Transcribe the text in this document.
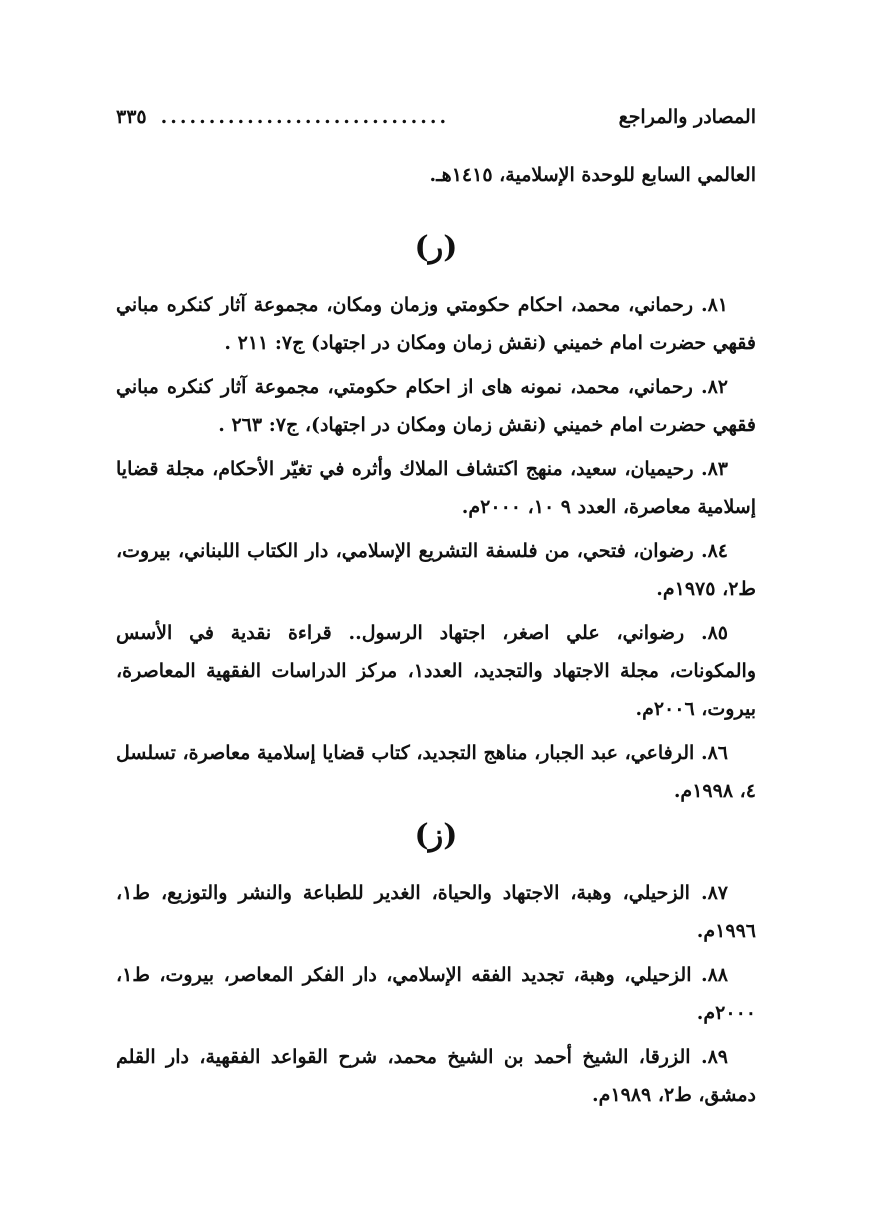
المصادر والمراجع
..............................
٣٣٥
العالمي السابع للوحدة الإسلامية، ١٤١٥هـ.
(ر)
٨١. رحماني، محمد، احكام حكومتي وزمان ومكان، مجموعة آثار كنكره مباني فقهي حضرت امام خميني (نقش زمان ومكان در اجتهاد) ج٧: ٢١١ .
٨٢. رحماني، محمد، نمونه هاى از احكام حكومتي، مجموعة آثار كنكره مباني فقهي حضرت امام خميني (نقش زمان ومكان در اجتهاد)، ج٧: ٢٦٣ .
٨٣. رحيميان، سعيد، منهج اكتشاف الملاك وأثره في تغيّر الأحكام، مجلة قضايا إسلامية معاصرة، العدد ٩ ١٠، ٢٠٠٠م.
٨٤. رضوان، فتحي، من فلسفة التشريع الإسلامي، دار الكتاب اللبناني، بيروت، ط٢، ١٩٧٥م.
٨٥. رضواني، علي اصغر، اجتهاد الرسول.. قراءة نقدية في الأسس والمكونات، مجلة الاجتهاد والتجديد، العدد١، مركز الدراسات الفقهية المعاصرة، بيروت، ٢٠٠٦م.
٨٦. الرفاعي، عبد الجبار، مناهج التجديد، كتاب قضايا إسلامية معاصرة، تسلسل ٤، ١٩٩٨م.
(ز)
٨٧. الزحيلي، وهبة، الاجتهاد والحياة، الغدير للطباعة والنشر والتوزيع، ط١، ١٩٩٦م.
٨٨. الزحيلي، وهبة، تجديد الفقه الإسلامي، دار الفكر المعاصر، بيروت، ط١، ٢٠٠٠م.
٨٩. الزرقا، الشيخ أحمد بن الشيخ محمد، شرح القواعد الفقهية، دار القلم دمشق، ط٢، ١٩٨٩م.
